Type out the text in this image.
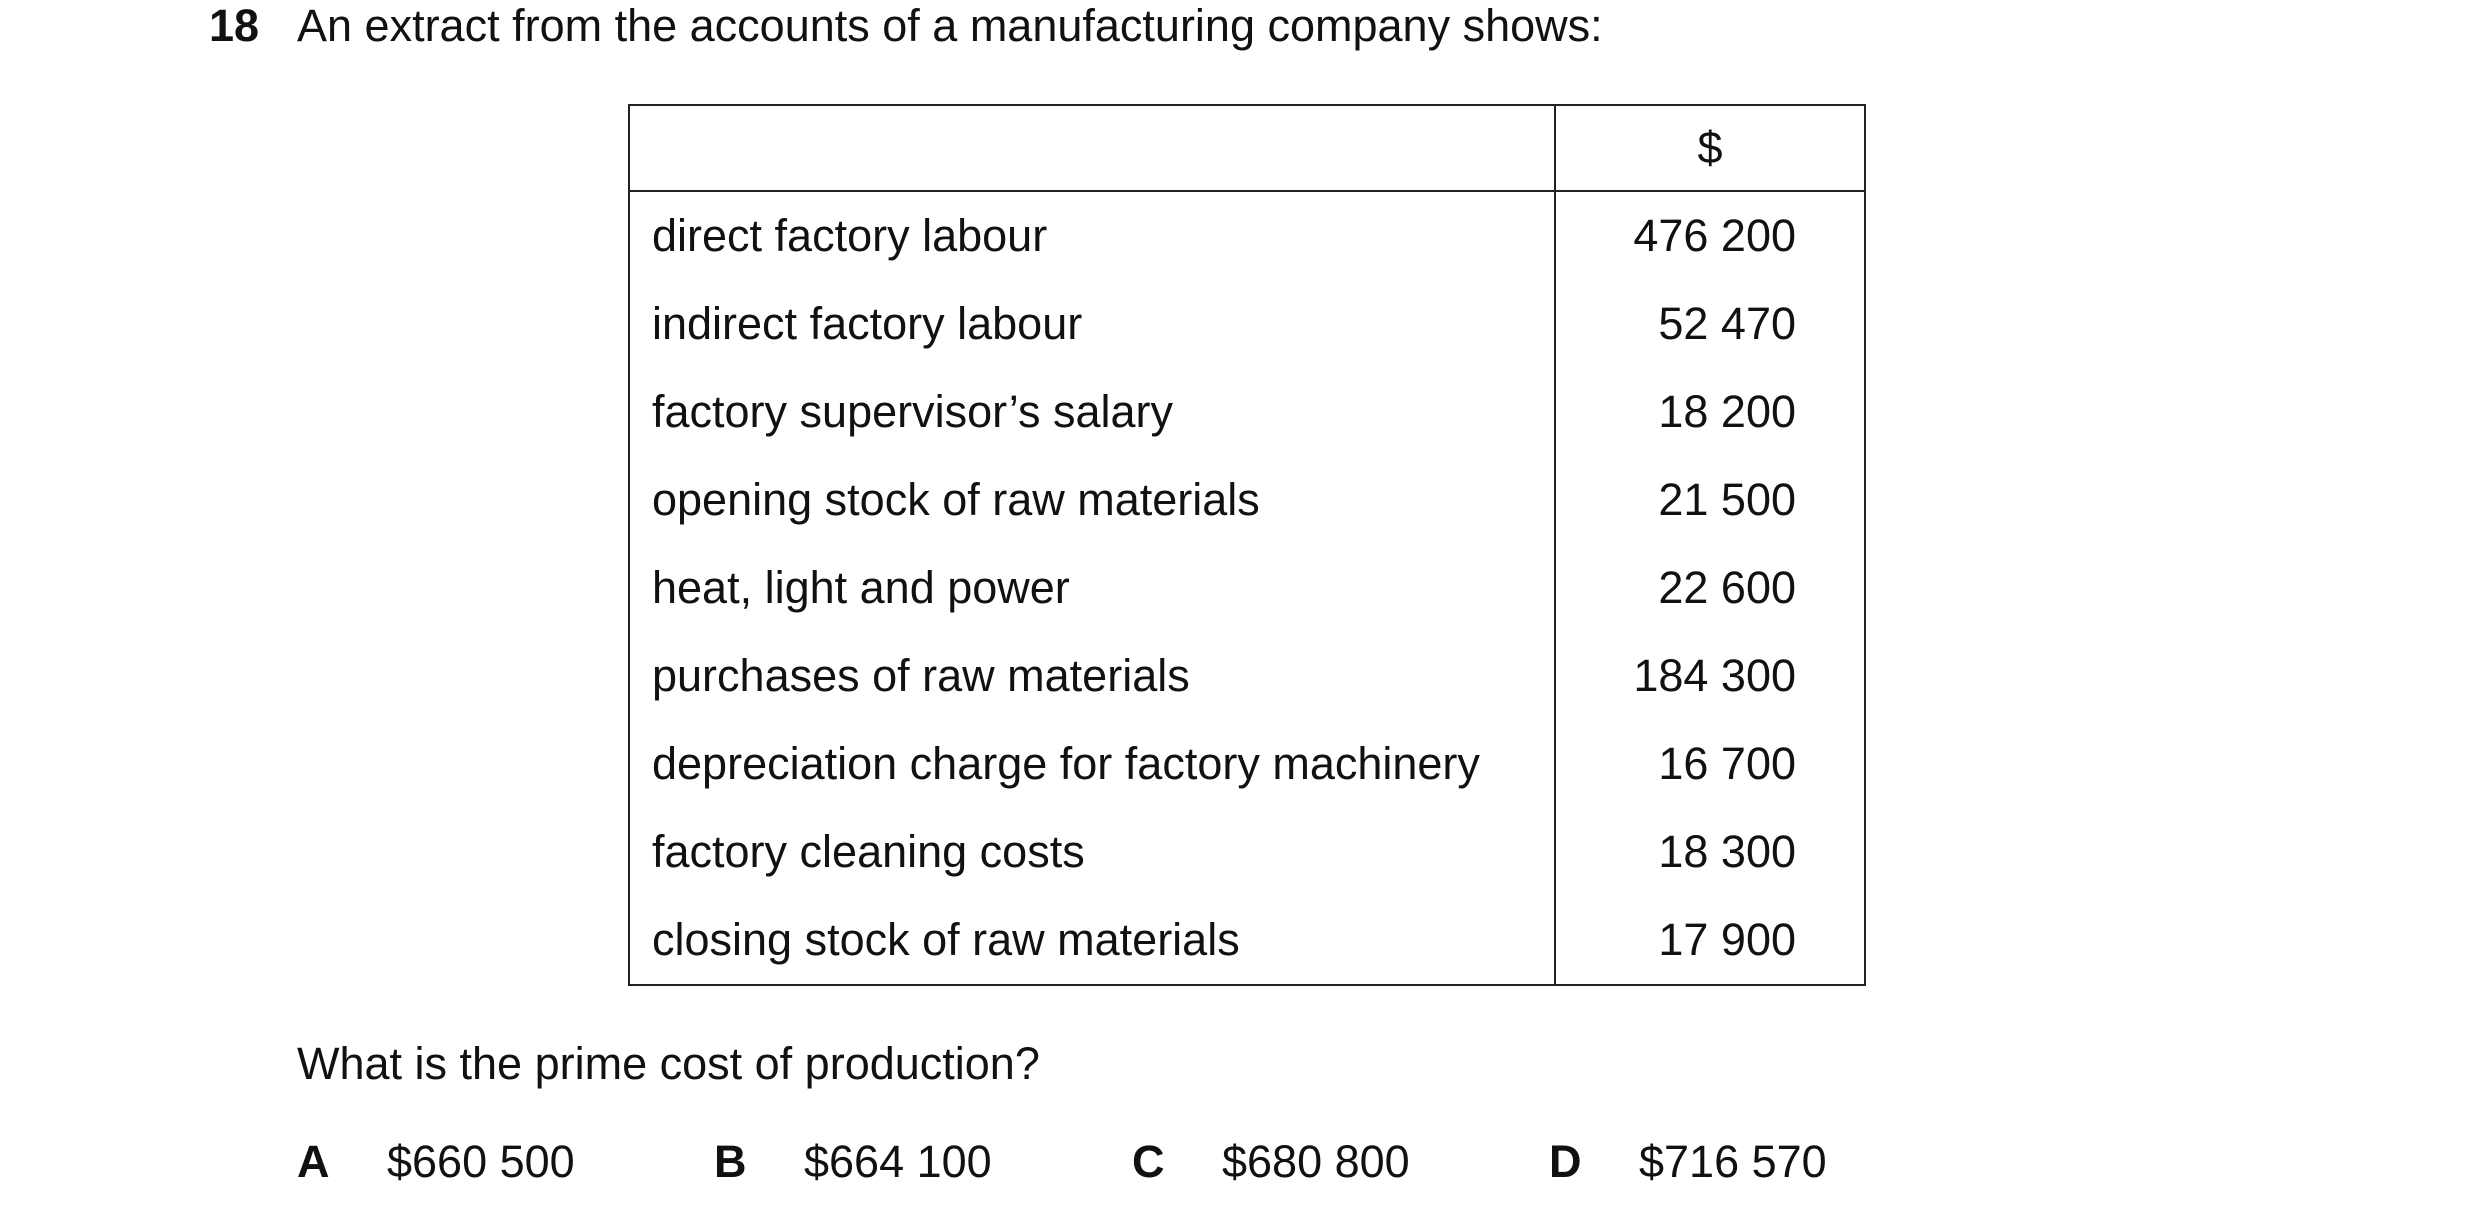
18 An extract from the accounts of a manufacturing company shows:
	$
direct factory labour	476 200
indirect factory labour	52 470
factory supervisor’s salary	18 200
opening stock of raw materials	21 500
heat, light and power	22 600
purchases of raw materials	184 300
depreciation charge for factory machinery	16 700
factory cleaning costs	18 300
closing stock of raw materials	17 900
What is the prime cost of production?
A $660 500	B $664 100	C $680 800	D $716 570
